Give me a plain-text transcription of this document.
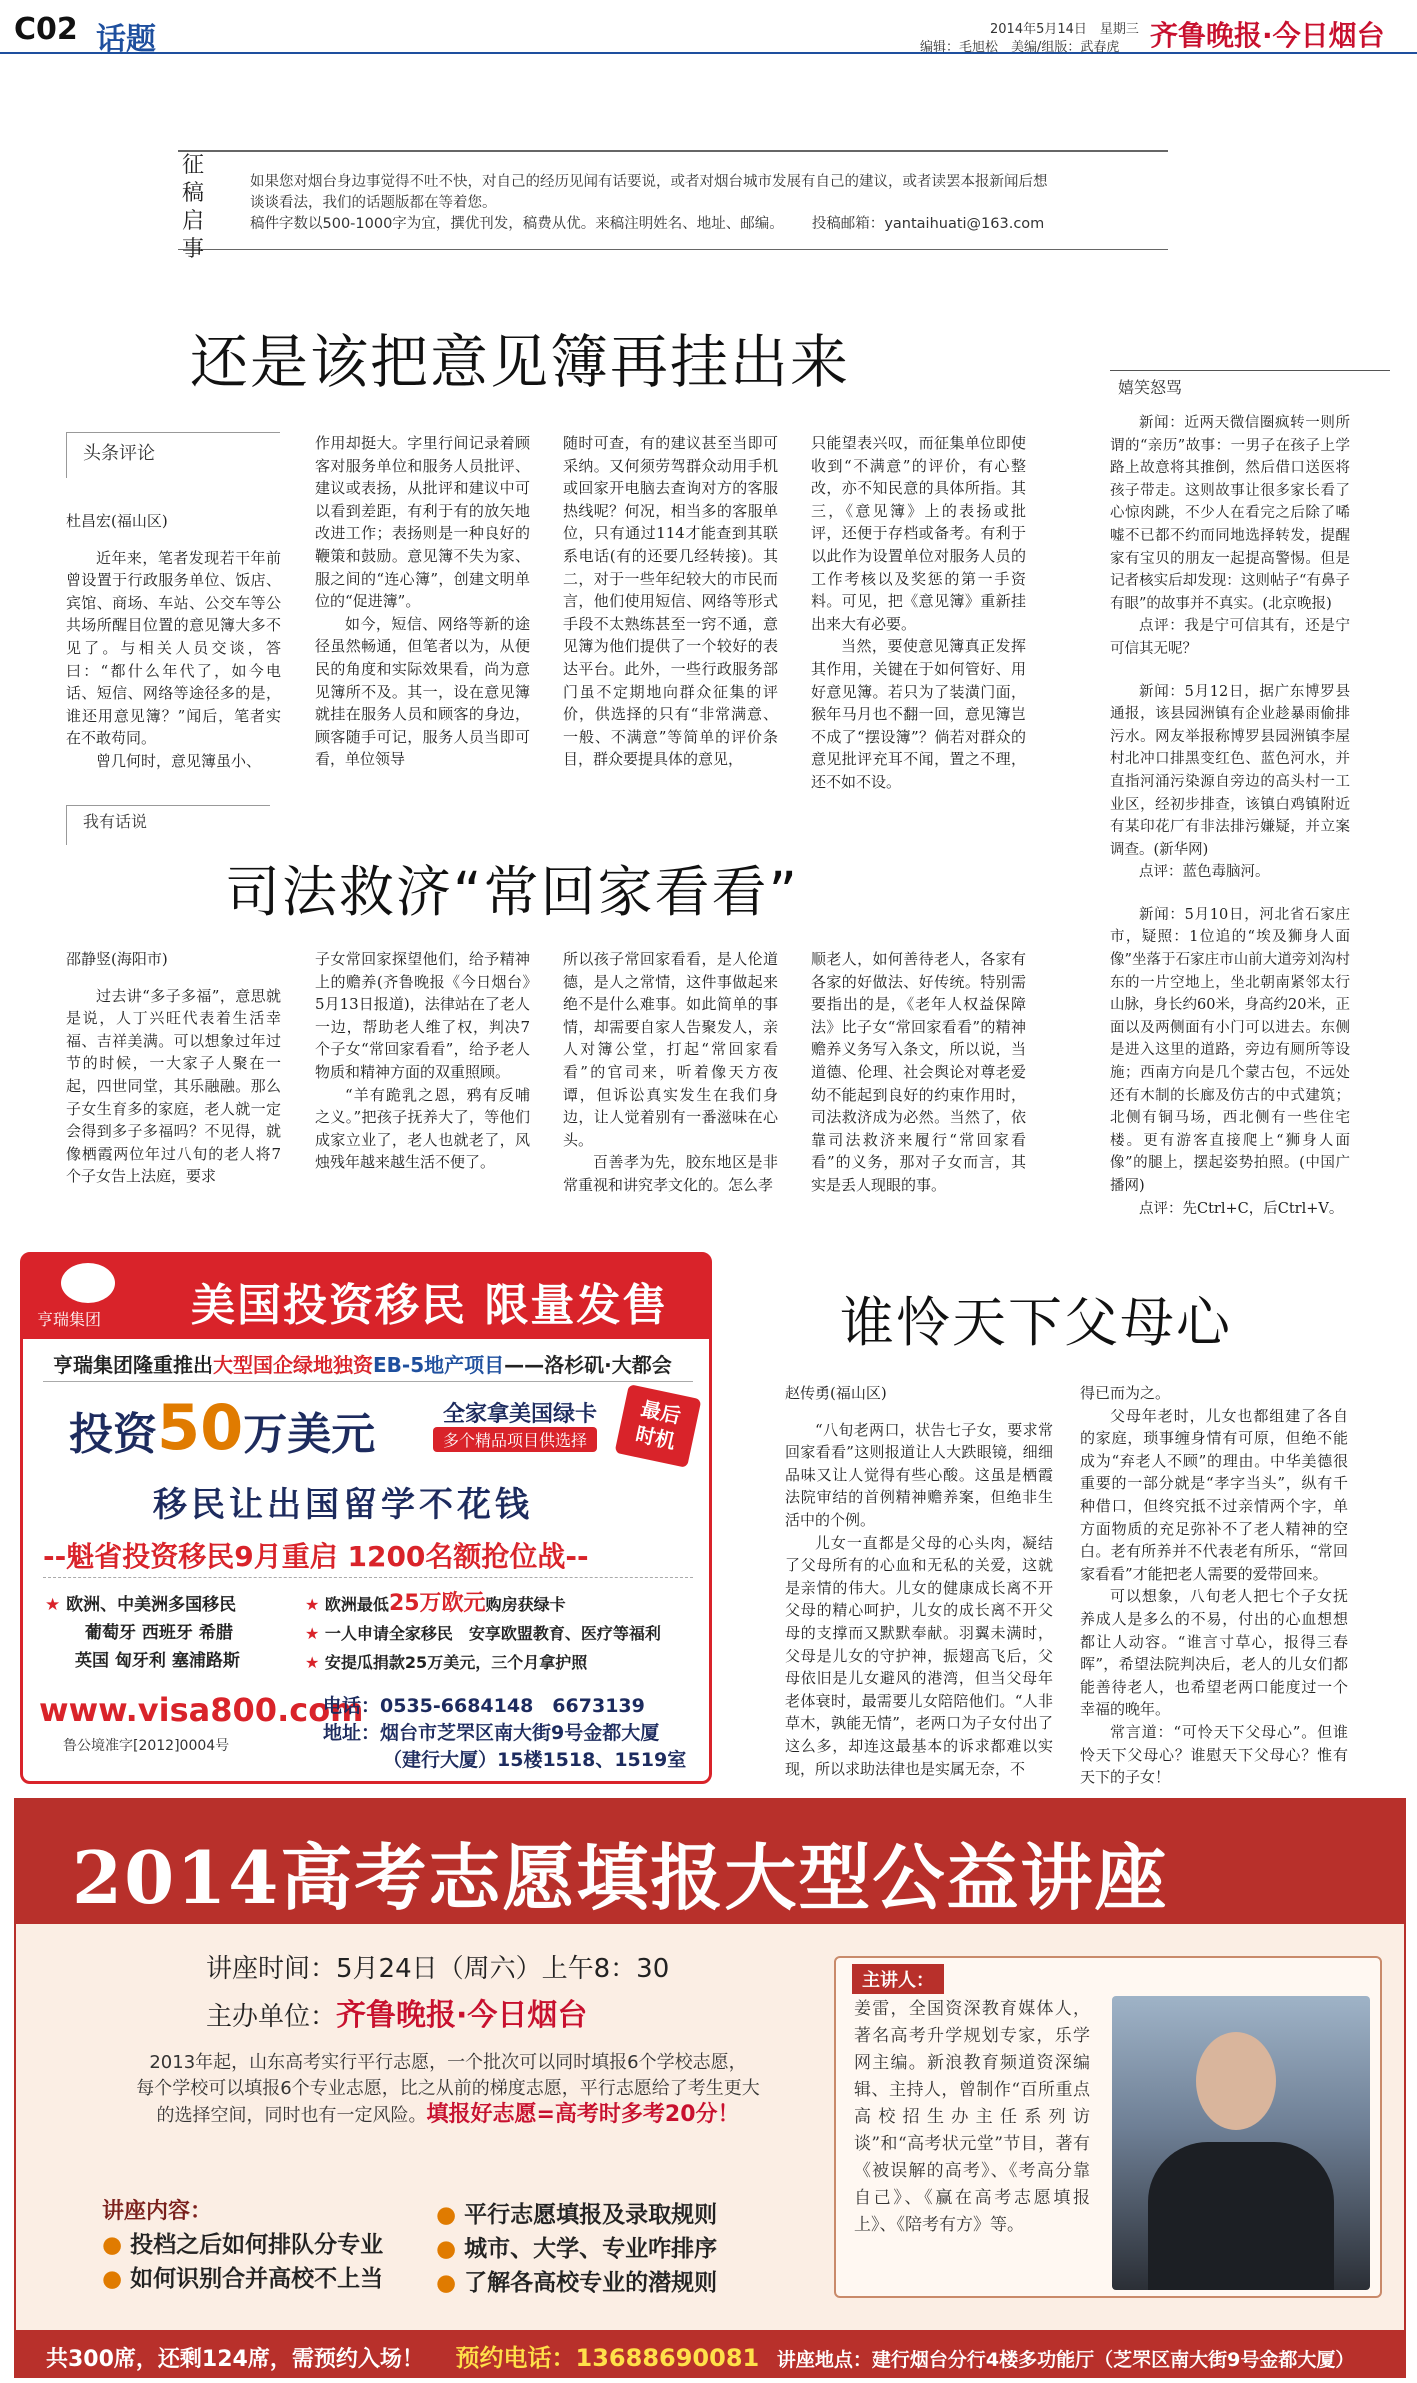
C02 话题	2014年5月14日　星期三
编辑：毛旭松　美编/组版：武春虎 齐鲁晚报·今日烟台
征稿启事
如果您对烟台身边事觉得不吐不快，对自己的经历见闻有话要说，或者对烟台城市发展有自己的建议，或者读罢本报新闻后想
谈谈看法，我们的话题版都在等着您。
稿件字数以500-1000字为宜，撰优刊发，稿费从优。来稿注明姓名、地址、邮编。 投稿邮箱：yantaihuati@163.com
还是该把意见簿再挂出来
头条评论

杜昌宏(福山区)

近年来，笔者发现若干年前曾设置于行政服务单位、饭店、宾馆、商场、车站、公交车等公共场所醒目位置的意见簿大多不见了。与相关人员交谈，答曰：“都什么年代了，如今电话、短信、网络等途径多的是，谁还用意见簿？”闻后，笔者实在不敢苟同。

曾几何时，意见簿虽小、

作用却挺大。字里行间记录着顾客对服务单位和服务人员批评、建议或表扬，从批评和建议中可以看到差距，有利于有的放矢地改进工作；表扬则是一种良好的鞭策和鼓励。意见簿不失为家、服之间的“连心簿”，创建文明单位的“促进簿”。

如今，短信、网络等新的途径虽然畅通，但笔者以为，从便民的角度和实际效果看，尚为意见簿所不及。其一，设在意见簿就挂在服务人员和顾客的身边，顾客随手可记，服务人员当即可看，单位领导

随时可查，有的建议甚至当即可采纳。又何须劳驾群众动用手机或回家开电脑去查询对方的客服热线呢？何况，相当多的客服单位，只有通过114才能查到其联系电话(有的还要几经转接)。其二，对于一些年纪较大的市民而言，他们使用短信、网络等形式手段不太熟练甚至一窍不通，意见簿为他们提供了一个较好的表达平台。此外，一些行政服务部门虽不定期地向群众征集的评价，供选择的只有“非常满意、一般、不满意”等简单的评价条目，群众要提具体的意见，

只能望表兴叹，而征集单位即使收到“不满意”的评价，有心整改，亦不知民意的具体所指。其三，《意见簿》上的表扬或批评，还便于存档或备考。有利于以此作为设置单位对服务人员的工作考核以及奖惩的第一手资料。可见，把《意见簿》重新挂出来大有必要。

当然，要使意见簿真正发挥其作用，关键在于如何管好、用好意见簿。若只为了装潢门面，猴年马月也不翻一回，意见簿岂不成了“摆设簿”？倘若对群众的意见批评充耳不闻，置之不理，还不如不设。

嬉笑怒骂

新闻：近两天微信圈疯转一则所谓的“亲历”故事：一男子在孩子上学路上故意将其推倒，然后借口送医将孩子带走。这则故事让很多家长看了心惊肉跳，不少人在看完之后除了唏嘘不已都不约而同地选择转发，提醒家有宝贝的朋友一起提高警惕。但是记者核实后却发现：这则帖子“有鼻子有眼”的故事并不真实。(北京晚报)

点评：我是宁可信其有，还是宁可信其无呢？

新闻：5月12日，据广东博罗县通报，该县园洲镇有企业趁暴雨偷排污水。网友举报称博罗县园洲镇李屋村北冲口排黑变红色、蓝色河水，并直指河涌污染源自旁边的高头村一工业区，经初步排查，该镇白鸡镇附近有某印花厂有非法排污嫌疑，并立案调查。(新华网)

点评：蓝色毒脑河。

新闻：5月10日，河北省石家庄市，疑照：1位追的“埃及狮身人面像”坐落于石家庄市山前大道旁刘沟村东的一片空地上，坐北朝南紧邻太行山脉，身长约60米，身高约20米，正面以及两侧面有小门可以进去。东侧是进入这里的道路，旁边有厕所等设施；西南方向是几个蒙古包，不远处还有木制的长廊及仿古的中式建筑；北侧有铜马场，西北侧有一些住宅楼。更有游客直接爬上“狮身人面像”的腿上，摆起姿势拍照。(中国广播网)

点评：先Ctrl+C，后Ctrl+V。

我有话说
司法救济“常回家看看”

邵静竖(海阳市)

过去讲“多子多福”，意思就是说，人丁兴旺代表着生活幸福、吉祥美满。可以想象过年过节的时候，一大家子人聚在一起，四世同堂，其乐融融。那么子女生育多的家庭，老人就一定会得到多子多福吗？不见得，就像栖霞两位年过八旬的老人将7个子女告上法庭，要求

子女常回家探望他们，给予精神上的赡养(齐鲁晚报《今日烟台》5月13日报道)，法律站在了老人一边，帮助老人维了权，判决7个子女“常回家看看”，给予老人物质和精神方面的双重照顾。

“羊有跪乳之恩，鸦有反哺之义。”把孩子抚养大了，等他们成家立业了，老人也就老了，风烛残年越来越生活不便了。

所以孩子常回家看看，是人伦道德，是人之常情，这件事做起来绝不是什么难事。如此简单的事情，却需要自家人告聚发人，亲人对簿公堂，打起“常回家看看”的官司来，听着像天方夜谭，但诉讼真实发生在我们身边，让人觉着别有一番滋味在心头。

百善孝为先，胶东地区是非常重视和讲究孝文化的。怎么孝

顺老人，如何善待老人，各家有各家的好做法、好传统。特别需要指出的是，《老年人权益保障法》比子女“常回家看看”的精神赡养义务写入条文，所以说，当道德、伦理、社会舆论对尊老爱幼不能起到良好的约束作用时，司法救济成为必然。当然了，依靠司法救济来履行“常回家看看”的义务，那对子女而言，其实是丢人现眼的事。

亨瑞集团 美国投资移民 限量发售
亨瑞集团隆重推出大型国企绿地独资EB-5地产项目——洛杉矶·大都会
投资50万美元	全家拿美国绿卡
多个精品项目供选择
最后时机
移民让出国留学不花钱
--魁省投资移民9月重启 1200名额抢位战--
★ 欧洲、中美洲多国移民
葡萄牙 西班牙 希腊
英国 匈牙利 塞浦路斯
★ 欧洲最低25万欧元购房获绿卡
★ 一人申请全家移民　安享欧盟教育、医疗等福利
★ 安提瓜捐款25万美元，三个月拿护照
www.visa800.com
鲁公境准字[2012]0004号
电话：0535-6684148　6673139
地址：烟台市芝罘区南大街9号金都大厦
（建行大厦）15楼1518、1519室
谁怜天下父母心

赵传勇(福山区)

“八旬老两口，状告七子女，要求常回家看看”这则报道让人大跌眼镜，细细品味又让人觉得有些心酸。这虽是栖霞法院审结的首例精神赡养案，但绝非生活中的个例。

儿女一直都是父母的心头肉，凝结了父母所有的心血和无私的关爱，这就是亲情的伟大。儿女的健康成长离不开父母的精心呵护，儿女的成长离不开父母的支撑而又默默奉献。羽翼未满时，父母是儿女的守护神，振翅高飞后，父母依旧是儿女避风的港湾，但当父母年老体衰时，最需要儿女陪陪他们。“人非草木，孰能无情”，老两口为子女付出了这么多，却连这最基本的诉求都难以实现，所以求助法律也是实属无奈，不

得已而为之。

父母年老时，儿女也都组建了各自的家庭，琐事缠身情有可原，但绝不能成为“弃老人不顾”的理由。中华美德很重要的一部分就是“孝字当头”，纵有千种借口，但终究抵不过亲情两个字，单方面物质的充足弥补不了老人精神的空白。老有所养并不代表老有所乐，“常回家看看”才能把老人需要的爱带回来。

可以想象，八旬老人把七个子女抚养成人是多么的不易，付出的心血想想都让人动容。“谁言寸草心，报得三春晖”，希望法院判决后，老人的儿女们都能善待老人，也希望老两口能度过一个幸福的晚年。

常言道：“可怜天下父母心”。但谁怜天下父母心？谁慰天下父母心？惟有天下的子女！

2014高考志愿填报大型公益讲座
讲座时间：5月24日（周六）上午8：30
主办单位：齐鲁晚报·今日烟台
2013年起，山东高考实行平行志愿，一个批次可以同时填报6个学校志愿，
每个学校可以填报6个专业志愿，比之从前的梯度志愿，平行志愿给了考生更大
的选择空间，同时也有一定风险。填报好志愿=高考时多考20分！
讲座内容：
● 投档之后如何排队分专业
● 如何识别合并高校不上当
● 平行志愿填报及录取规则
● 城市、大学、专业咋排序
● 了解各高校专业的潜规则
主讲人：
姜雷，全国资深教育媒体人，著名高考升学规划专家，乐学网主编。新浪教育频道资深编辑、主持人，曾制作“百所重点高校招生办主任系列访谈”和“高考状元堂”节目，著有《被误解的高考》、《考高分靠自己》、《赢在高考志愿填报上》、《陪考有方》等。
共300席，还剩124席，需预约入场！ 预约电话：13688690081 讲座地点：建行烟台分行4楼多功能厅（芝罘区南大街9号金都大厦）
